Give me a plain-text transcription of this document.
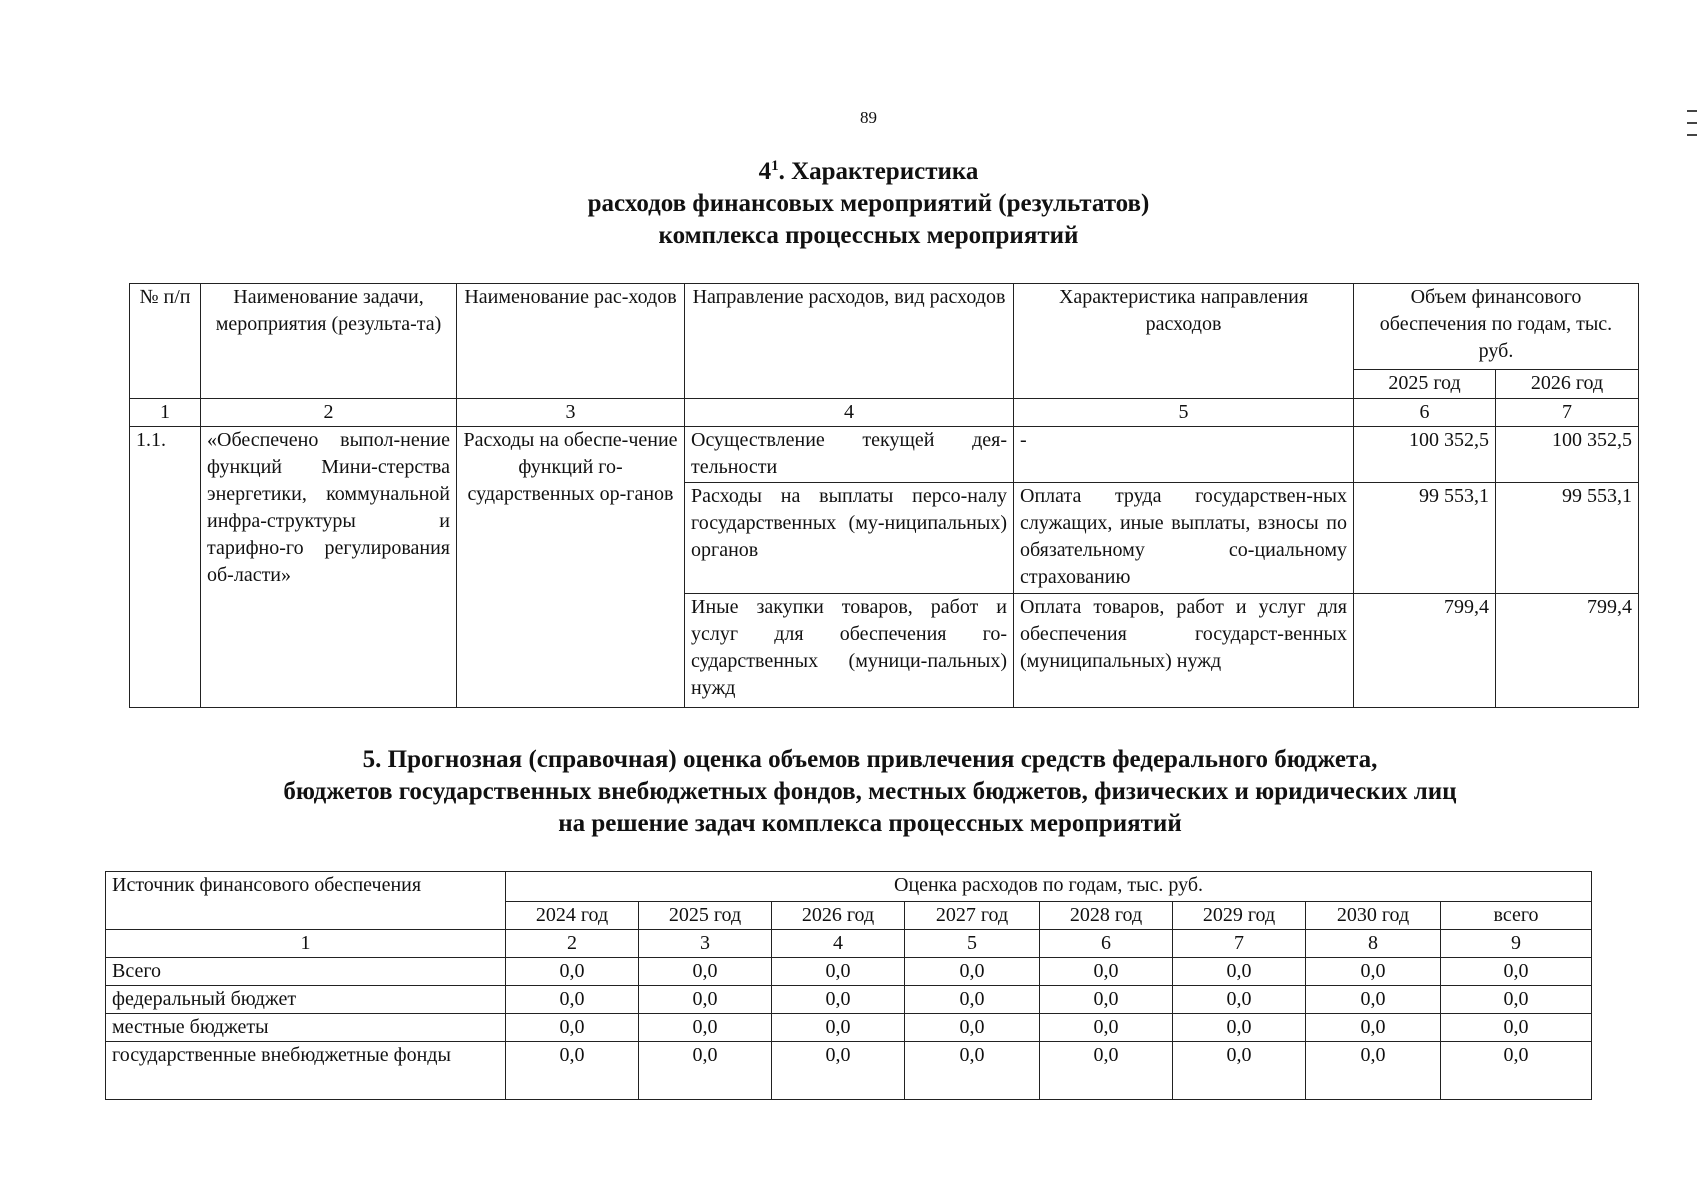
89
$4^1$. Характеристика
расходов финансовых мероприятий (результатов)
комплекса процессных мероприятий
№ п/п	Наименование задачи, мероприятия (результа-та)	Наименование рас-ходов	Направление расходов, вид расходов	Характеристика направления расходов	Объем финансового обеспечения по годам, тыс. руб.	
					2025 год	2026 год
1	2	3	4	5	6	7
1.1.	«Обеспечено выпол-нение функций Мини-стерства энергетики, коммунальной инфра-структуры и тарифно-го регулирования об-ласти»	Расходы на обеспе-чение функций го-сударственных ор-ганов	Осуществление текущей дея-тельности	-	100 352,5	100 352,5
			Расходы на выплаты персо-налу государственных (му-ниципальных) органов	Оплата труда государствен-ных служащих, иные выплаты, взносы по обязательному со-циальному страхованию	99 553,1	99 553,1
			Иные закупки товаров, работ и услуг для обеспечения го-сударственных (муници-пальных) нужд	Оплата товаров, работ и услуг для обеспечения государст-венных (муниципальных) нужд	799,4	799,4
5. Прогнозная (справочная) оценка объемов привлечения средств федерального бюджета,
бюджетов государственных внебюджетных фондов, местных бюджетов, физических и юридических лиц
на решение задач комплекса процессных мероприятий
Источник финансового обеспечения	Оценка расходов по годам, тыс. руб.							
	2024 год	2025 год	2026 год	2027 год	2028 год	2029 год	2030 год	всего
1	2	3	4	5	6	7	8	9
Всего	0,0	0,0	0,0	0,0	0,0	0,0	0,0	0,0
федеральный бюджет	0,0	0,0	0,0	0,0	0,0	0,0	0,0	0,0
местные бюджеты	0,0	0,0	0,0	0,0	0,0	0,0	0,0	0,0
государственные внебюджетные фонды	0,0	0,0	0,0	0,0	0,0	0,0	0,0	0,0
